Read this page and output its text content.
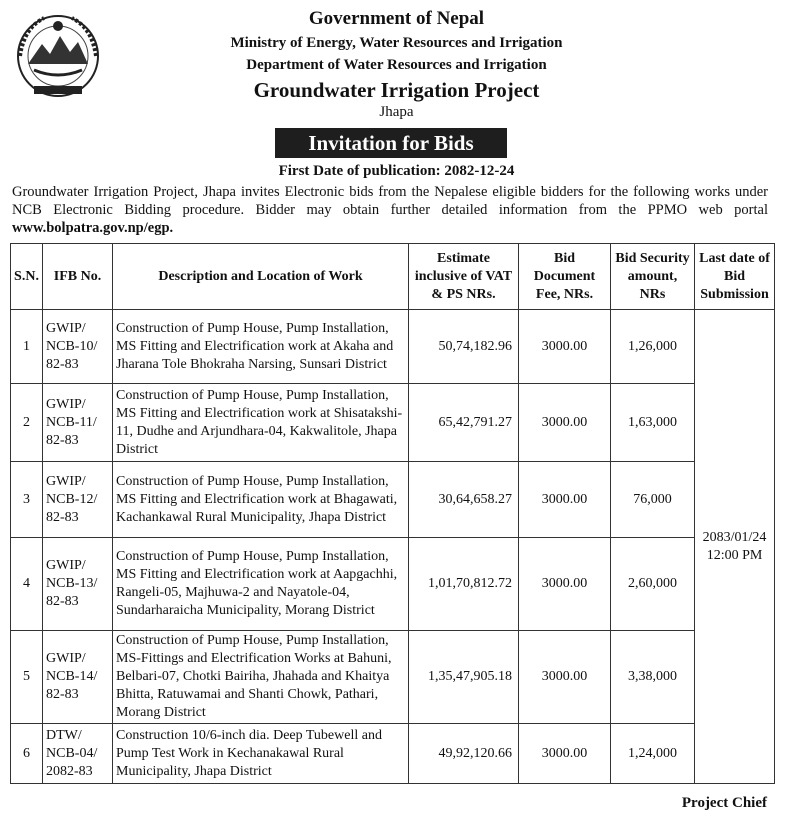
Government of Nepal
Ministry of Energy, Water Resources and Irrigation
Department of Water Resources and Irrigation
Groundwater Irrigation Project
Jhapa
Invitation for Bids
First Date of publication: 2082-12-24
Groundwater Irrigation Project, Jhapa invites Electronic bids from the Nepalese eligible bidders for the following works under NCB Electronic Bidding procedure. Bidder may obtain further detailed information from the PPMO web portal www.bolpatra.gov.np/egp.
S.N.	IFB No.	Description and Location of Work	Estimate inclusive of VAT & PS NRs.	Bid Document Fee, NRs.	Bid Security amount, NRs	Last date of Bid Submission
1	GWIP/ NCB-10/ 82-83	Construction of Pump House, Pump Installation, MS Fitting and Electrification work at Akaha and Jharana Tole Bhokraha Narsing, Sunsari District	50,74,182.96	3000.00	1,26,000	2083/01/24
12:00 PM

2	GWIP/ NCB-11/ 82-83	Construction of Pump House, Pump Installation, MS Fitting and Electrification work at Shisatakshi-11, Dudhe and Arjundhara-04, Kakwalitole, Jhapa District	65,42,791.27	3000.00	1,63,000	
3	GWIP/ NCB-12/ 82-83	Construction of Pump House, Pump Installation, MS Fitting and Electrification work at Bhagawati, Kachankawal Rural Municipality, Jhapa District	30,64,658.27	3000.00	76,000	
4	GWIP/ NCB-13/ 82-83	Construction of Pump House, Pump Installation, MS Fitting and Electrification work at Aapgachhi, Rangeli-05, Majhuwa-2 and Nayatole-04, Sundarharaicha Municipality, Morang District	1,01,70,812.72	3000.00	2,60,000	
5	GWIP/ NCB-14/ 82-83	Construction of Pump House, Pump Installation, MS-Fittings and Electrification Works at Bahuni, Belbari-07, Chotki Bairiha, Jhahada and Khaitya Bhitta, Ratuwamai and Shanti Chowk, Pathari, Morang District	1,35,47,905.18	3000.00	3,38,000	
6	DTW/ NCB-04/ 2082-83	Construction 10/6-inch dia. Deep Tubewell and Pump Test Work in Kechanakawal Rural Municipality, Jhapa District	49,92,120.66	3000.00	1,24,000	
Project Chief
